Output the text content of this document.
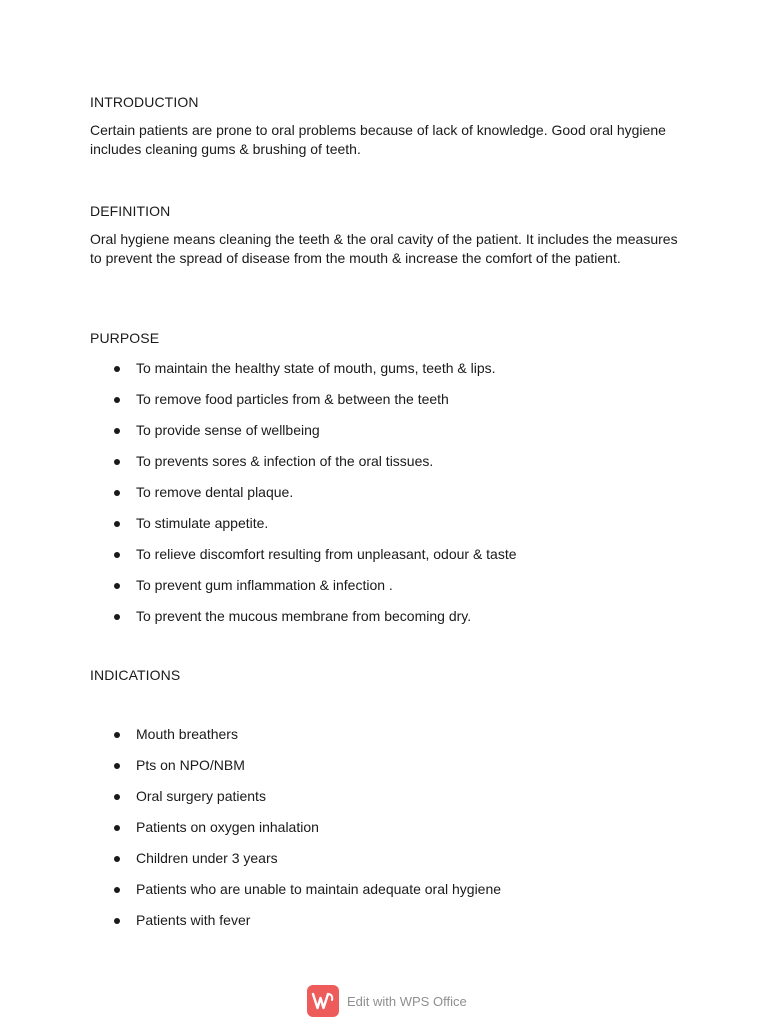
INTRODUCTION

Certain patients are prone to oral problems because of lack of knowledge. Good oral hygiene includes cleaning gums & brushing of teeth.

DEFINITION

Oral hygiene means cleaning the teeth & the oral cavity of the patient. It includes the measures to prevent the spread of disease from the mouth & increase the comfort of the patient.

PURPOSE
To maintain the healthy state of mouth, gums, teeth & lips.
To remove food particles from & between the teeth
To provide sense of wellbeing
To prevents sores & infection of the oral tissues.
To remove dental plaque.
To stimulate appetite.
To relieve discomfort resulting from unpleasant, odour & taste
To prevent gum inflammation & infection .
To prevent the mucous membrane from becoming dry.
INDICATIONS
Mouth breathers
Pts on NPO/NBM
Oral surgery patients
Patients on oxygen inhalation
Children under 3 years
Patients who are unable to maintain adequate oral hygiene
Patients with fever
Edit with WPS Office
